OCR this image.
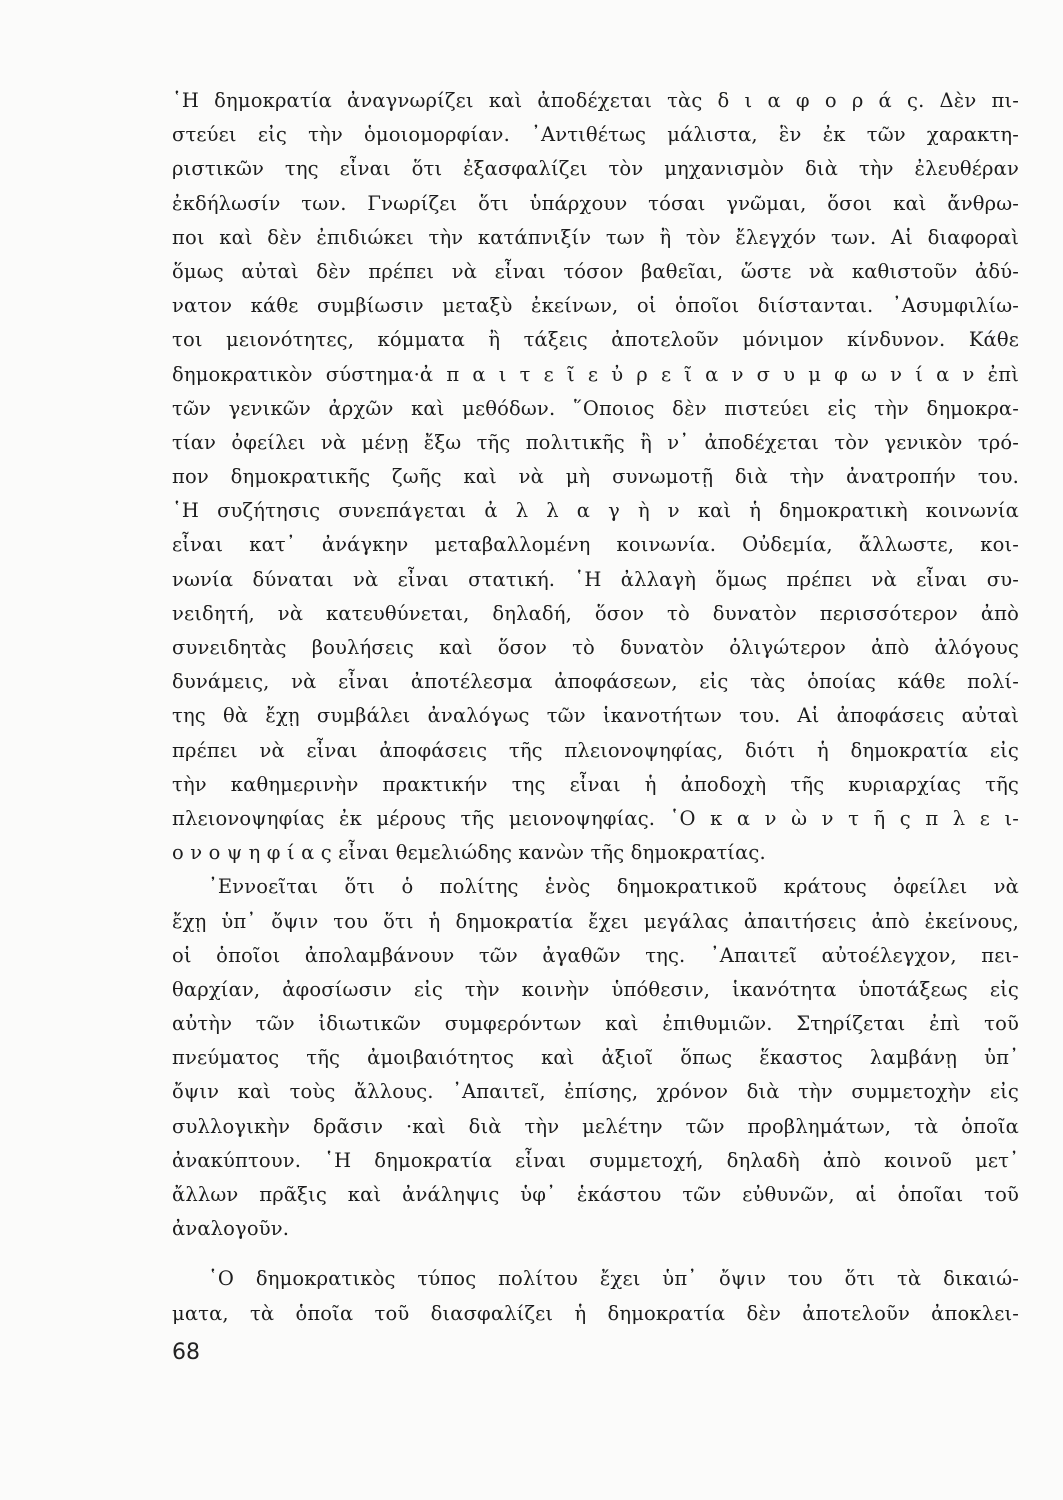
῾Η δημοκρατία ἀναγνωρίζει καὶ ἀποδέχεται τὰς δ ι α φ ο ρ ά ς. Δὲν πι-
στεύει εἰς τὴν ὁμοιομορφίαν. ᾿Αντιθέτως μάλιστα, ἓν ἐκ τῶν χαρακτη-
ριστικῶν της εἶναι ὅτι ἐξασφαλίζει τὸν μηχανισμὸν διὰ τὴν ἐλευθέραν
ἐκδήλωσίν των. Γνωρίζει ὅτι ὑπάρχουν τόσαι γνῶμαι, ὅσοι καὶ ἄνθρω-
ποι καὶ δὲν ἐπιδιώκει τὴν κατάπνιξίν των ἢ τὸν ἔλεγχόν των. Αἱ διαφοραὶ
ὅμως αὐταὶ δὲν πρέπει νὰ εἶναι τόσον βαθεῖαι, ὥστε νὰ καθιστοῦν ἀδύ-
νατον κάθε συμβίωσιν μεταξὺ ἐκείνων, οἱ ὁποῖοι διίστανται. ᾿Ασυμφιλίω-
τοι μειονότητες, κόμματα ἢ τάξεις ἀποτελοῦν μόνιμον κίνδυνον. Κάθε
δημοκρατικὸν σύστημα·ἀ π α ι τ ε ῖ ε ὐ ρ ε ῖ α ν σ υ μ φ ω ν ί α ν ἐπὶ
τῶν γενικῶν ἀρχῶν καὶ μεθόδων. ῞Οποιος δὲν πιστεύει εἰς τὴν δημοκρα-
τίαν ὀφείλει νὰ μένῃ ἔξω τῆς πολιτικῆς ἢ ν᾿ ἀποδέχεται τὸν γενικὸν τρό-
πον δημοκρατικῆς ζωῆς καὶ νὰ μὴ συνωμοτῇ διὰ τὴν ἀνατροπήν του.
῾Η συζήτησις συνεπάγεται ἀ λ λ α γ ὴ ν καὶ ἡ δημοκρατικὴ κοινωνία
εἶναι κατ᾿ ἀνάγκην μεταβαλλομένη κοινωνία. Οὐδεμία, ἄλλωστε, κοι-
νωνία δύναται νὰ εἶναι στατική. ῾Η ἀλλαγὴ ὅμως πρέπει νὰ εἶναι συ-
νειδητή, νὰ κατευθύνεται, δηλαδή, ὅσον τὸ δυνατὸν περισσότερον ἀπὸ
συνειδητὰς βουλήσεις καὶ ὅσον τὸ δυνατὸν ὀλιγώτερον ἀπὸ ἀλόγους
δυνάμεις, νὰ εἶναι ἀποτέλεσμα ἀποφάσεων, εἰς τὰς ὁποίας κάθε πολί-
της θὰ ἔχῃ συμβάλει ἀναλόγως τῶν ἱκανοτήτων του. Αἱ ἀποφάσεις αὐταὶ
πρέπει νὰ εἶναι ἀποφάσεις τῆς πλειονοψηφίας, διότι ἡ δημοκρατία εἰς
τὴν καθημερινὴν πρακτικήν της εἶναι ἡ ἀποδοχὴ τῆς κυριαρχίας τῆς
πλειονοψηφίας ἐκ μέρους τῆς μειονοψηφίας. ῾Ο κ α ν ὼ ν τ ῆ ς π λ ε ι-
ο ν ο ψ η φ ί α ς εἶναι θεμελιώδης κανὼν τῆς δημοκρατίας.
᾿Εννοεῖται ὅτι ὁ πολίτης ἑνὸς δημοκρατικοῦ κράτους ὀφείλει νὰ
ἔχῃ ὑπ᾿ ὄψιν του ὅτι ἡ δημοκρατία ἔχει μεγάλας ἀπαιτήσεις ἀπὸ ἐκείνους,
οἱ ὁποῖοι ἀπολαμβάνουν τῶν ἀγαθῶν της. ᾿Απαιτεῖ αὐτοέλεγχον, πει-
θαρχίαν, ἀφοσίωσιν εἰς τὴν κοινὴν ὑπόθεσιν, ἱκανότητα ὑποτάξεως εἰς
αὐτὴν τῶν ἰδιωτικῶν συμφερόντων καὶ ἐπιθυμιῶν. Στηρίζεται ἐπὶ τοῦ
πνεύματος τῆς ἀμοιβαιότητος καὶ ἀξιοῖ ὅπως ἕκαστος λαμβάνῃ ὑπ᾿
ὄψιν καὶ τοὺς ἄλλους. ᾿Απαιτεῖ, ἐπίσης, χρόνον διὰ τὴν συμμετοχὴν εἰς
συλλογικὴν δρᾶσιν ·καὶ διὰ τὴν μελέτην τῶν προβλημάτων, τὰ ὁποῖα
ἀνακύπτουν. ῾Η δημοκρατία εἶναι συμμετοχή, δηλαδὴ ἀπὸ κοινοῦ μετ᾿
ἄλλων πρᾶξις καὶ ἀνάληψις ὑφ᾿ ἑκάστου τῶν εὐθυνῶν, αἱ ὁποῖαι τοῦ
ἀναλογοῦν.
῾Ο δημοκρατικὸς τύπος πολίτου ἔχει ὑπ᾿ ὄψιν του ὅτι τὰ δικαιώ-
ματα, τὰ ὁποῖα τοῦ διασφαλίζει ἡ δημοκρατία δὲν ἀποτελοῦν ἀποκλει-
68
